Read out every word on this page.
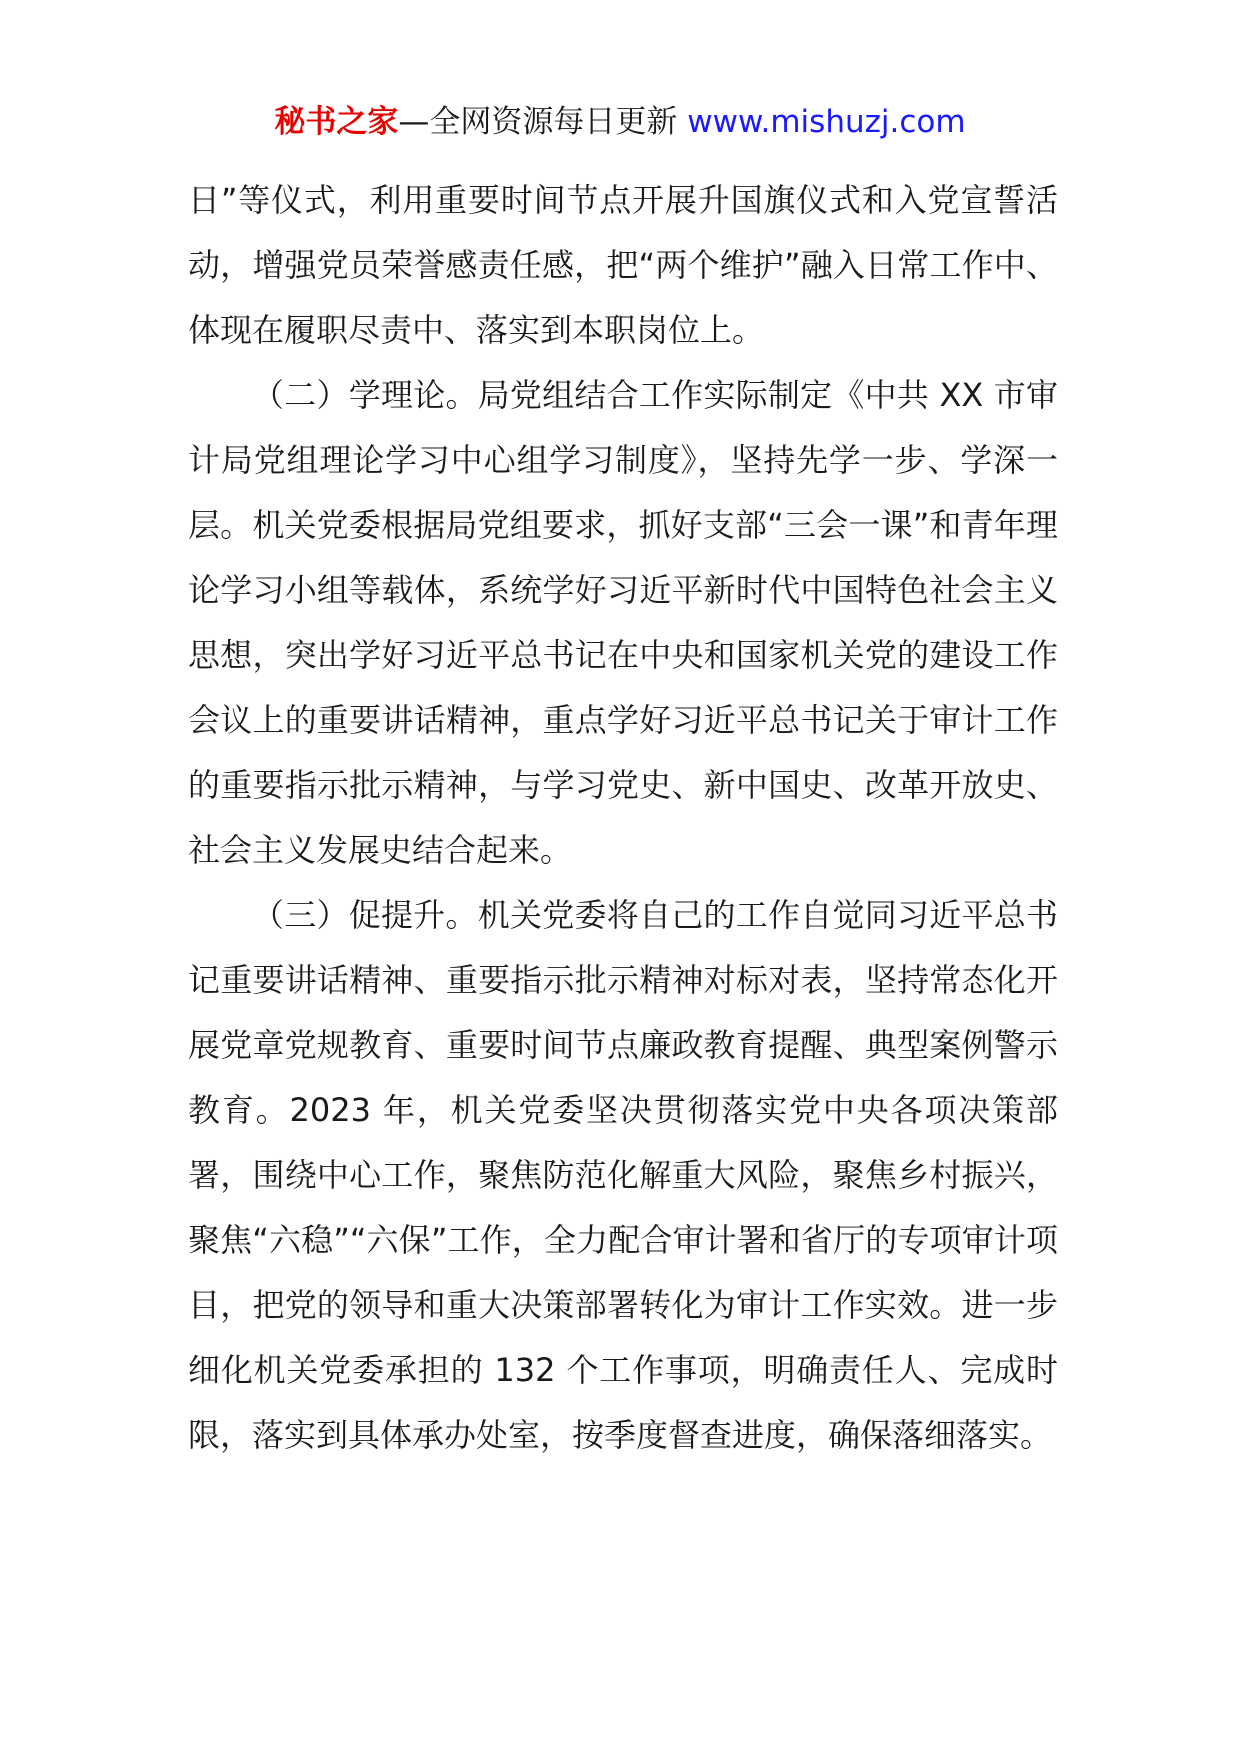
秘书之家—全网资源每日更新 www.mishuzj.com

日”等仪式，利用重要时间节点开展升国旗仪式和入党宣誓活动，增强党员荣誉感责任感，把“两个维护”融入日常工作中、体现在履职尽责中、落实到本职岗位上。

（二）学理论。局党组结合工作实际制定《中共 XX 市审计局党组理论学习中心组学习制度》，坚持先学一步、学深一层。机关党委根据局党组要求，抓好支部“三会一课”和青年理论学习小组等载体，系统学好习近平新时代中国特色社会主义思想，突出学好习近平总书记在中央和国家机关党的建设工作会议上的重要讲话精神，重点学好习近平总书记关于审计工作的重要指示批示精神，与学习党史、新中国史、改革开放史、社会主义发展史结合起来。

（三）促提升。机关党委将自己的工作自觉同习近平总书记重要讲话精神、重要指示批示精神对标对表，坚持常态化开展党章党规教育、重要时间节点廉政教育提醒、典型案例警示教育。2023 年，机关党委坚决贯彻落实党中央各项决策部署，围绕中心工作，聚焦防范化解重大风险，聚焦乡村振兴，聚焦“六稳”“六保”工作，全力配合审计署和省厅的专项审计项目，把党的领导和重大决策部署转化为审计工作实效。进一步细化机关党委承担的 132 个工作事项，明确责任人、完成时限，落实到具体承办处室，按季度督查进度，确保落细落实。
